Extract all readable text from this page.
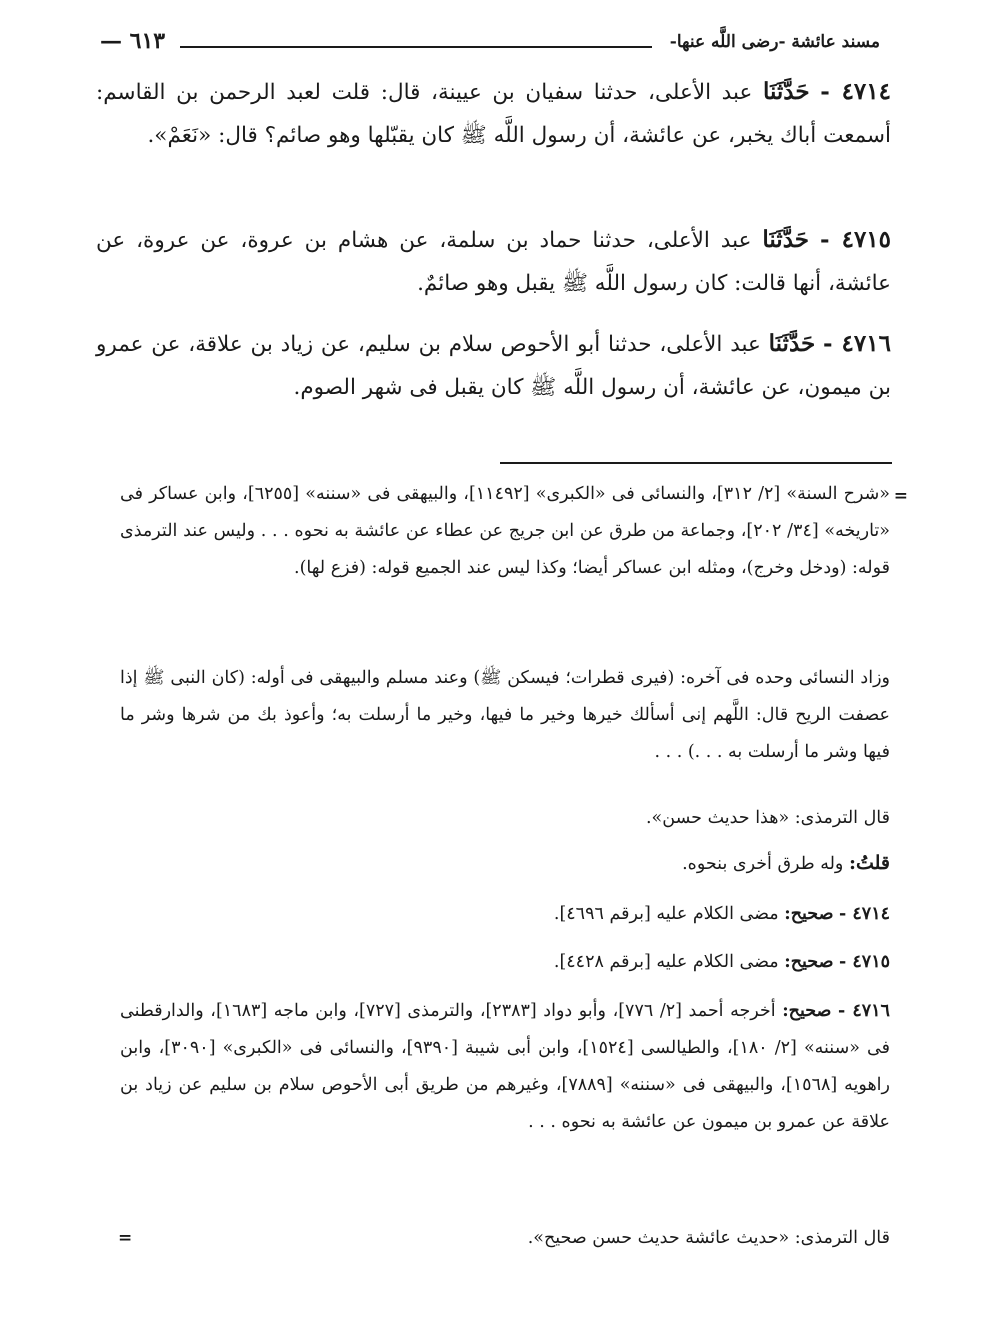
مسند عائشة -رضى اللَّه عنها-
— ٦١٣

٤٧١٤ - حَدَّثَنَا عبد الأعلى، حدثنا سفيان بن عيينة، قال: قلت لعبد الرحمن بن القاسم: أسمعت أباك يخبر، عن عائشة، أن رسول اللَّه ﷺ كان يقبّلها وهو صائم؟ قال: «نَعَمْ».

٤٧١٥ - حَدَّثَنَا عبد الأعلى، حدثنا حماد بن سلمة، عن هشام بن عروة، عن عروة، عن عائشة، أنها قالت: كان رسول اللَّه ﷺ يقبل وهو صائمٌ.

٤٧١٦ - حَدَّثَنَا عبد الأعلى، حدثنا أبو الأحوص سلام بن سليم، عن زياد بن علاقة، عن عمرو بن ميمون، عن عائشة، أن رسول اللَّه ﷺ كان يقبل فى شهر الصوم.

=

«شرح السنة» [٢/ ٣١٢]، والنسائى فى «الكبرى» [١١٤٩٢]، والبيهقى فى «سننه» [٦٢٥٥]، وابن عساكر فى «تاريخه» [٣٤/ ٢٠٢]، وجماعة من طرق عن ابن جريج عن عطاء عن عائشة به نحوه . . . وليس عند الترمذى قوله: (ودخل وخرج)، ومثله ابن عساكر أيضا؛ وكذا ليس عند الجميع قوله: (فزع لها).

وزاد النسائى وحده فى آخره: (فيرى قطرات؛ فيسكن ﷺ) وعند مسلم والبيهقى فى أوله: (كان النبى ﷺ إذا عصفت الريح قال: اللَّهم إنى أسألك خيرها وخير ما فيها، وخير ما أرسلت به؛ وأعوذ بك من شرها وشر ما فيها وشر ما أرسلت به . . .) . . .

قال الترمذى: «هذا حديث حسن».

قلتُ: وله طرق أخرى بنحوه.

٤٧١٤ - صحيح: مضى الكلام عليه [برقم ٤٦٩٦].

٤٧١٥ - صحيح: مضى الكلام عليه [برقم ٤٤٢٨].

٤٧١٦ - صحيح: أخرجه أحمد [٢/ ٧٧٦]، وأبو دواد [٢٣٨٣]، والترمذى [٧٢٧]، وابن ماجه [١٦٨٣]، والدارقطنى فى «سننه» [٢/ ١٨٠]، والطيالسى [١٥٢٤]، وابن أبى شيبة [٩٣٩٠]، والنسائى فى «الكبرى» [٣٠٩٠]، وابن راهويه [١٥٦٨]، والبيهقى فى «سننه» [٧٨٨٩]، وغيرهم من طريق أبى الأحوص سلام بن سليم عن زياد بن علاقة عن عمرو بن ميمون عن عائشة به نحوه . . .

قال الترمذى: «حديث عائشة حديث حسن صحيح».

=
